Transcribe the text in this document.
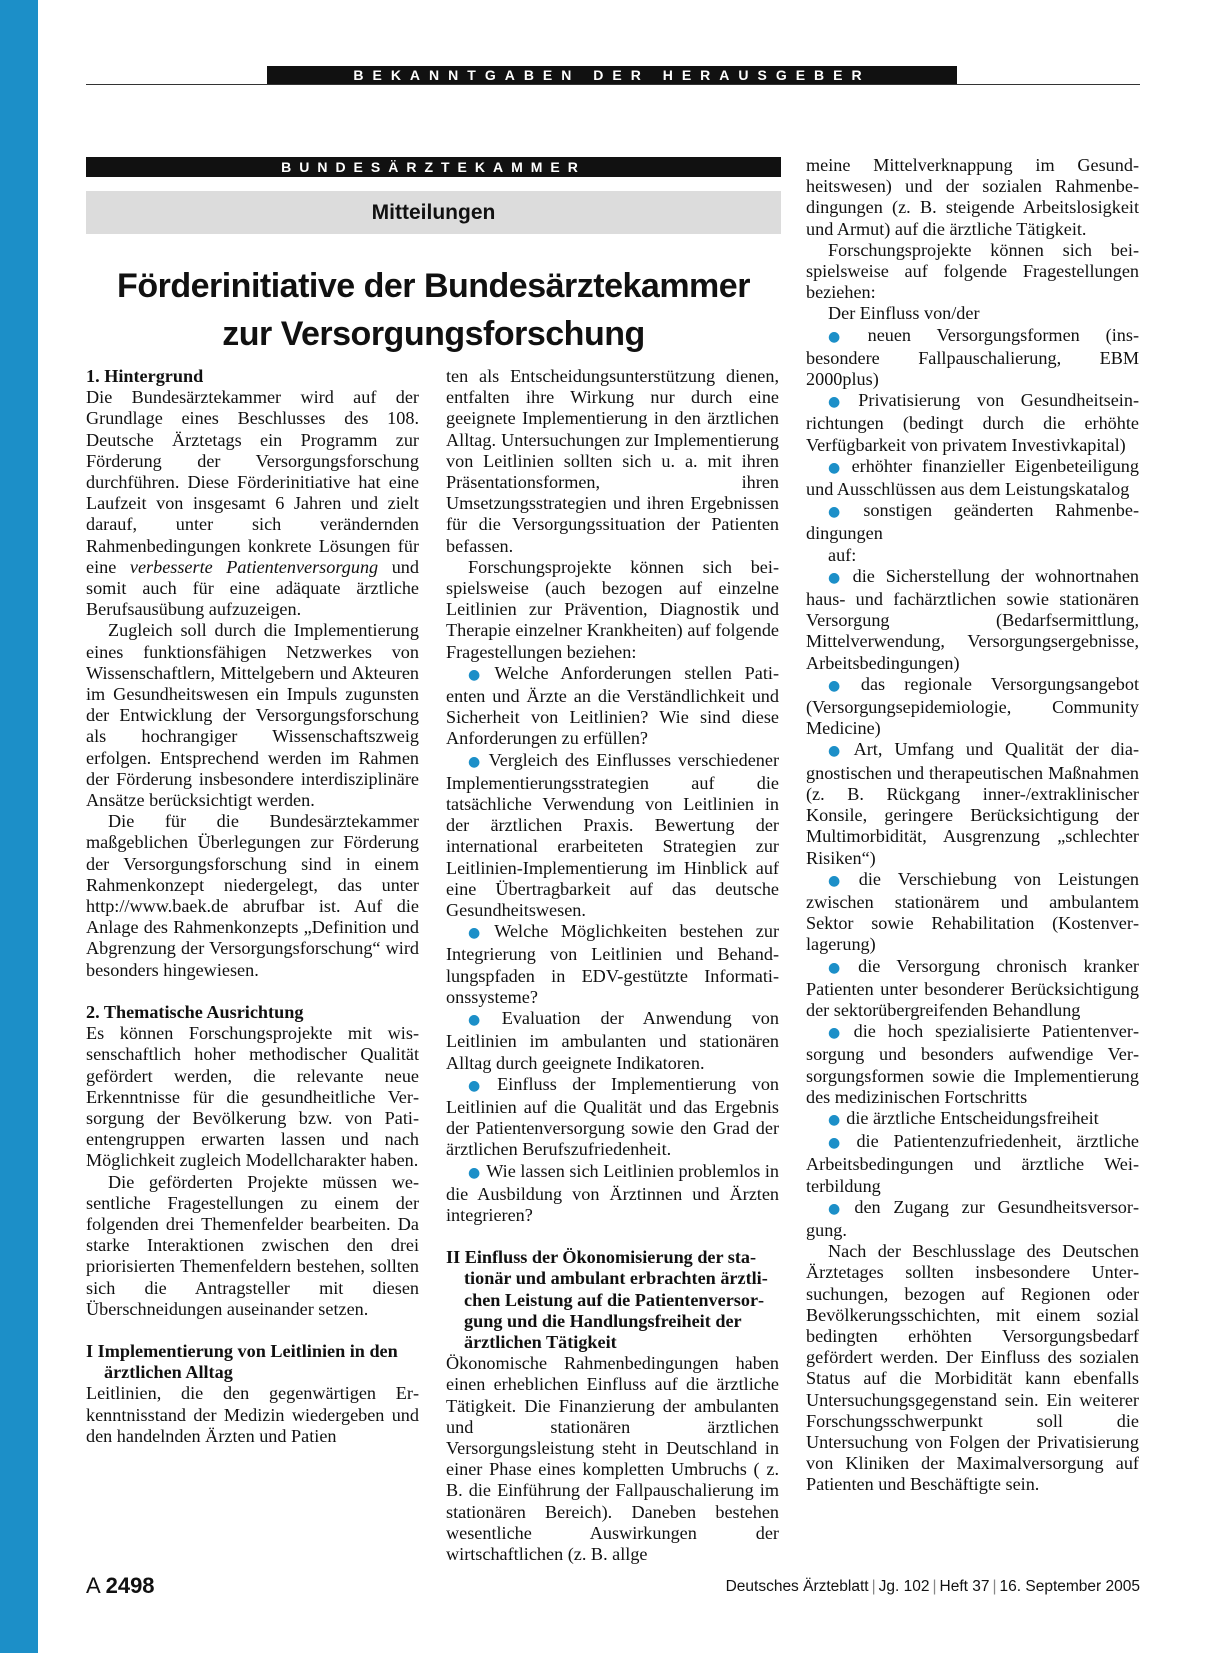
BEKANNTGABEN DER HERAUSGEBER
BUNDESÄRZTEKAMMER
Mitteilungen
Förderinitiative der Bundesärztekammer
zur Versorgungsforschung
1. Hintergrund

Die Bundesärztekammer wird auf der Grundlage eines Beschlusses des 108. Deutsche Ärztetags ein Programm zur Förderung der Versorgungsforschung durchführen. Diese Förderinitiative hat eine Laufzeit von insgesamt 6 Jahren und zielt darauf, unter sich verändernden Rahmenbedingungen konkrete Lösungen für eine verbesserte Patientenversorgung und somit auch für eine adäquate ärztliche Berufsausübung aufzuzeigen.

Zugleich soll durch die Implementierung eines funktionsfähigen Netzwerkes von Wissenschaftlern, Mittelgebern und Akteuren im Gesundheitswesen ein Impuls zugunsten der Entwicklung der Versorgungsforschung als hochrangiger Wissenschaftszweig erfolgen. Entsprechend werden im Rahmen der Förderung insbesondere interdisziplinäre Ansätze berücksichtigt werden.

Die für die Bundesärztekammer maßgeblichen Überlegungen zur Förderung der Versorgungsforschung sind in einem Rahmenkonzept niedergelegt, das unter http://www.baek.de abrufbar ist. Auf die Anlage des Rahmenkonzepts „Definition und Abgrenzung der Versorgungsforschung“ wird besonders hingewiesen.

2. Thematische Ausrichtung

Es können Forschungsprojekte mit wissenschaftlich hoher methodischer Qualität gefördert werden, die relevante neue Erkenntnisse für die gesundheitliche Versorgung der Bevölkerung bzw. von Patientengruppen erwarten lassen und nach Möglichkeit zugleich Modellcharakter haben.

Die geförderten Projekte müssen wesentliche Fragestellungen zu einem der folgenden drei Themenfelder bearbeiten. Da starke Interaktionen zwischen den drei priorisierten Themenfeldern bestehen, sollten sich die Antragsteller mit diesen Überschneidungen auseinander setzen.

I Implementierung von Leitlinien in den ärztlichen Alltag

Leitlinien, die den gegenwärtigen Erkenntnisstand der Medizin wiedergeben und den handelnden Ärzten und Patien

ten als Entscheidungsunterstützung dienen, entfalten ihre Wirkung nur durch eine geeignete Implementierung in den ärztlichen Alltag. Untersuchungen zur Implementierung von Leitlinien sollten sich u. a. mit ihren Präsentationsformen, ihren Umsetzungsstrategien und ihren Ergebnissen für die Versorgungssituation der Patienten befassen.

Forschungsprojekte können sich beispielsweise (auch bezogen auf einzelne Leitlinien zur Prävention, Diagnostik und Therapie einzelner Krankheiten) auf folgende Fragestellungen beziehen:

● Welche Anforderungen stellen Patienten und Ärzte an die Verständlichkeit und Sicherheit von Leitlinien? Wie sind diese Anforderungen zu erfüllen?

● Vergleich des Einflusses verschiedener Implementierungsstrategien auf die tatsächliche Verwendung von Leitlinien in der ärztlichen Praxis. Bewertung der international erarbeiteten Strategien zur Leitlinien-Implementierung im Hinblick auf eine Übertragbarkeit auf das deutsche Gesundheitswesen.

● Welche Möglichkeiten bestehen zur Integrierung von Leitlinien und Behandlungspfaden in EDV-gestützte Informationssysteme?

● Evaluation der Anwendung von Leitlinien im ambulanten und stationären Alltag durch geeignete Indikatoren.

● Einfluss der Implementierung von Leitlinien auf die Qualität und das Ergebnis der Patientenversorgung sowie den Grad der ärztlichen Berufszufriedenheit.

● Wie lassen sich Leitlinien problemlos in die Ausbildung von Ärztinnen und Ärzten integrieren?

II Einfluss der Ökonomisierung der stationär und ambulant erbrachten ärztlichen Leistung auf die Patientenversorgung und die Handlungsfreiheit der ärztlichen Tätigkeit

Ökonomische Rahmenbedingungen haben einen erheblichen Einfluss auf die ärztliche Tätigkeit. Die Finanzierung der ambulanten und stationären ärztlichen Versorgungsleistung steht in Deutschland in einer Phase eines kompletten Umbruchs ( z. B. die Einführung der Fallpauschalierung im stationären Bereich). Daneben bestehen wesentliche Auswirkungen der wirtschaftlichen (z. B. allge

meine Mittelverknappung im Gesundheitswesen) und der sozialen Rahmenbedingungen (z. B. steigende Arbeitslosigkeit und Armut) auf die ärztliche Tätigkeit.

Forschungsprojekte können sich beispielsweise auf folgende Fragestellungen beziehen:

Der Einfluss von/der

● neuen Versorgungsformen (insbesondere Fallpauschalierung, EBM 2000plus)

● Privatisierung von Gesundheitseinrichtungen (bedingt durch die erhöhte Verfügbarkeit von privatem Investivkapital)

● erhöhter finanzieller Eigenbeteiligung und Ausschlüssen aus dem Leistungskatalog

● sonstigen geänderten Rahmenbedingungen

auf:

● die Sicherstellung der wohnortnahen haus- und fachärztlichen sowie stationären Versorgung (Bedarfsermittlung, Mittelverwendung, Versorgungsergebnisse, Arbeitsbedingungen)

● das regionale Versorgungsangebot (Versorgungsepidemiologie, Community Medicine)

● Art, Umfang und Qualität der diagnostischen und therapeutischen Maßnahmen (z. B. Rückgang inner-/extraklinischer Konsile, geringere Berücksichtigung der Multimorbidität, Ausgrenzung „schlechter Risiken“)

● die Verschiebung von Leistungen zwischen stationärem und ambulantem Sektor sowie Rehabilitation (Kostenverlagerung)

● die Versorgung chronisch kranker Patienten unter besonderer Berücksichtigung der sektorübergreifenden Behandlung

● die hoch spezialisierte Patientenversorgung und besonders aufwendige Versorgungsformen sowie die Implementierung des medizinischen Fortschritts

● die ärztliche Entscheidungsfreiheit

● die Patientenzufriedenheit, ärztliche Arbeitsbedingungen und ärztliche Weiterbildung

● den Zugang zur Gesundheitsversorgung.

Nach der Beschlusslage des Deutschen Ärztetages sollten insbesondere Untersuchungen, bezogen auf Regionen oder Bevölkerungsschichten, mit einem sozial bedingten erhöhten Versorgungsbedarf gefördert werden. Der Einfluss des sozialen Status auf die Morbidität kann ebenfalls Untersuchungsgegenstand sein. Ein weiterer Forschungsschwerpunkt soll die Untersuchung von Folgen der Privatisierung von Kliniken der Maximalversorgung auf Patienten und Beschäftigte sein.

A 2498	Deutsches Ärzteblatt | Jg. 102 | Heft 37 | 16. September 2005
